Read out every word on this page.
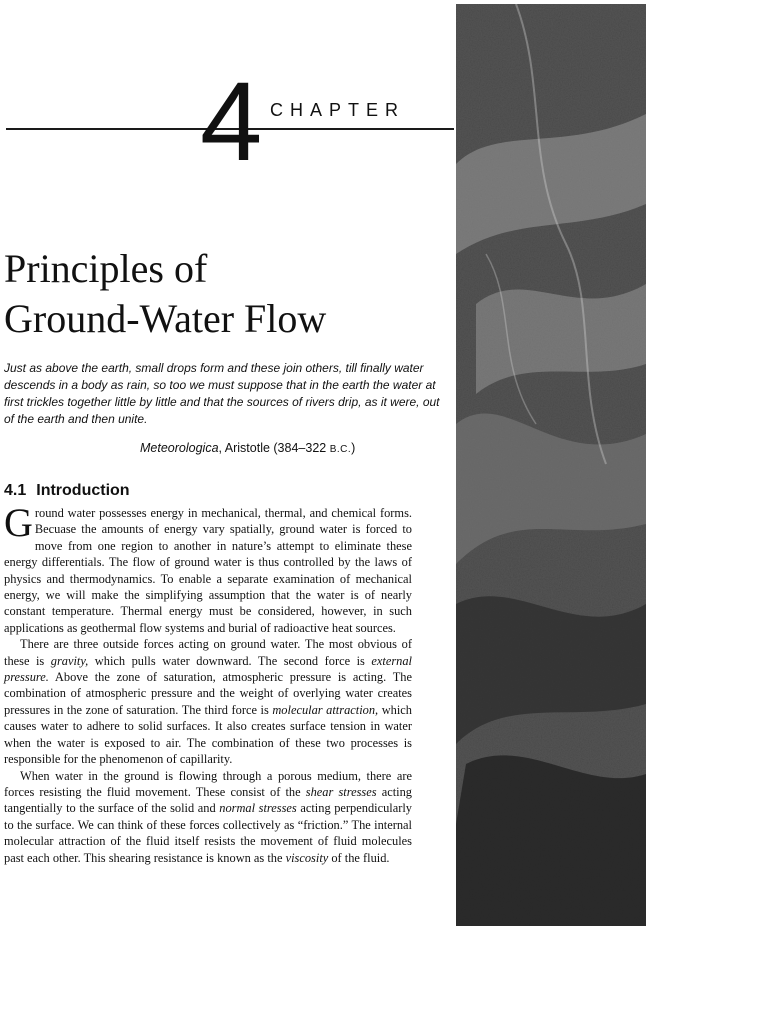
4 CHAPTER
Principles of
Ground-Water Flow
Just as above the earth, small drops form and these join others, till finally water descends in a body as rain, so too we must suppose that in the earth the water at first trickles together little by little and that the sources of rivers drip, as it were, out of the earth and then unite.
Meteorologica, Aristotle (384–322 B.C.)
4.1 Introduction

Ground water possesses energy in mechanical, thermal, and chemical forms. Becuase the amounts of energy vary spatially, ground water is forced to move from one region to another in nature’s attempt to eliminate these energy differentials. The flow of ground water is thus controlled by the laws of physics and thermodynamics. To enable a separate examination of mechanical energy, we will make the simplifying assumption that the water is of nearly constant temperature. Thermal energy must be considered, however, in such applications as geothermal flow systems and burial of radioactive heat sources.

There are three outside forces acting on ground water. The most obvious of these is gravity, which pulls water downward. The second force is external pressure. Above the zone of saturation, atmospheric pressure is acting. The combination of atmospheric pressure and the weight of overlying water creates pressures in the zone of saturation. The third force is molecular attraction, which causes water to adhere to solid surfaces. It also creates surface tension in water when the water is exposed to air. The combination of these two processes is responsible for the phenomenon of capillarity.

When water in the ground is flowing through a porous medium, there are forces resisting the fluid movement. These consist of the shear stresses acting tangentially to the surface of the solid and normal stresses acting perpendicularly to the surface. We can think of these forces collectively as “friction.” The internal molecular attraction of the fluid itself resists the movement of fluid molecules past each other. This shearing resistance is known as the viscosity of the fluid.
